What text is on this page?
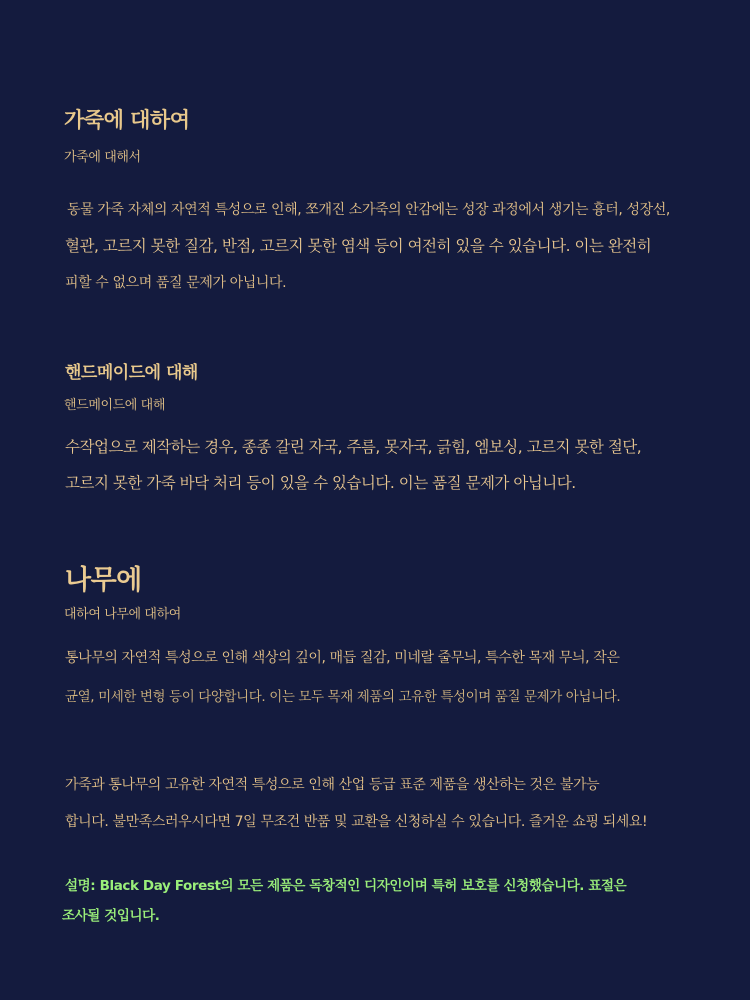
가죽에 대하여
가죽에 대해서
동물 가죽 자체의 자연적 특성으로 인해, 쪼개진 소가죽의 안감에는 성장 과정에서 생기는 흉터, 성장선,
혈관, 고르지 못한 질감, 반점, 고르지 못한 염색 등이 여전히 있을 수 있습니다. 이는 완전히
피할 수 없으며 품질 문제가 아닙니다.
핸드메이드에 대해
핸드메이드에 대해
수작업으로 제작하는 경우, 종종 갈린 자국, 주름, 못자국, 긁힘, 엠보싱, 고르지 못한 절단,
고르지 못한 가죽 바닥 처리 등이 있을 수 있습니다. 이는 품질 문제가 아닙니다.
나무에
대하여 나무에 대하여
통나무의 자연적 특성으로 인해 색상의 깊이, 매듭 질감, 미네랄 줄무늬, 특수한 목재 무늬, 작은
균열, 미세한 변형 등이 다양합니다. 이는 모두 목재 제품의 고유한 특성이며 품질 문제가 아닙니다.
가죽과 통나무의 고유한 자연적 특성으로 인해 산업 등급 표준 제품을 생산하는 것은 불가능
합니다. 불만족스러우시다면 7일 무조건 반품 및 교환을 신청하실 수 있습니다. 즐거운 쇼핑 되세요!
설명: Black Day Forest의 모든 제품은 독창적인 디자인이며 특허 보호를 신청했습니다. 표절은
조사될 것입니다.
